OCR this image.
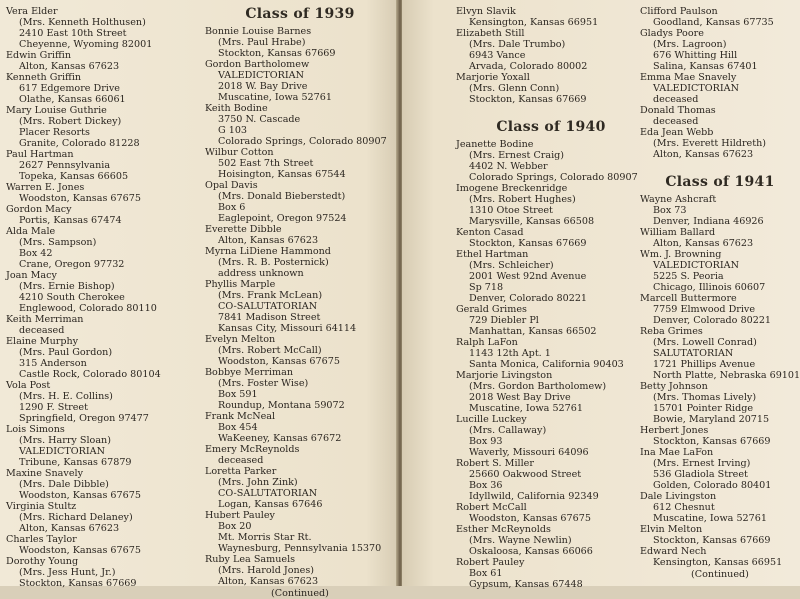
Vera Elder
(Mrs. Kenneth Holthusen)
2410 East 10th Street
Cheyenne, Wyoming 82001
Edwin Griffin
Alton, Kansas 67623
Kenneth Griffin
617 Edgemore Drive
Olathe, Kansas 66061
Mary Louise Guthrie
(Mrs. Robert Dickey)
Placer Resorts
Granite, Colorado 81228
Paul Hartman
2627 Pennsylvania
Topeka, Kansas 66605
Warren E. Jones
Woodston, Kansas 67675
Gordon Macy
Portis, Kansas 67474
Alda Male
(Mrs. Sampson)
Box 42
Crane, Oregon 97732
Joan Macy
(Mrs. Ernie Bishop)
4210 South Cherokee
Englewood, Colorado 80110
Keith Merriman
deceased
Elaine Murphy
(Mrs. Paul Gordon)
315 Anderson
Castle Rock, Colorado 80104
Vola Post
(Mrs. H. E. Collins)
1290 F. Street
Springfield, Oregon 97477
Lois Simons
(Mrs. Harry Sloan)
VALEDICTORIAN
Tribune, Kansas 67879
Maxine Snavely
(Mrs. Dale Dibble)
Woodston, Kansas 67675
Virginia Stultz
(Mrs. Richard Delaney)
Alton, Kansas 67623
Charles Taylor
Woodston, Kansas 67675
Dorothy Young
(Mrs. Jess Hunt, Jr.)
Stockton, Kansas 67669
Class of 1939
Bonnie Louise Barnes
(Mrs. Paul Hrabe)
Stockton, Kansas 67669
Gordon Bartholomew
VALEDICTORIAN
2018 W. Bay Drive
Muscatine, Iowa 52761
Keith Bodine
3750 N. Cascade
G 103
Colorado Springs, Colorado 80907
Wilbur Cotton
502 East 7th Street
Hoisington, Kansas 67544
Opal Davis
(Mrs. Donald Bieberstedt)
Box 6
Eaglepoint, Oregon 97524
Everette Dibble
Alton, Kansas 67623
Myrna LiDiene Hammond
(Mrs. R. B. Posternick)
address unknown
Phyllis Marple
(Mrs. Frank McLean)
CO-SALUTATORIAN
7841 Madison Street
Kansas City, Missouri 64114
Evelyn Melton
(Mrs. Robert McCall)
Woodston, Kansas 67675
Bobbye Merriman
(Mrs. Foster Wise)
Box 591
Roundup, Montana 59072
Frank McNeal
Box 454
WaKeeney, Kansas 67672
Emery McReynolds
deceased
Loretta Parker
(Mrs. John Zink)
CO-SALUTATORIAN
Logan, Kansas 67646
Hubert Pauley
Box 20
Mt. Morris Star Rt.
Waynesburg, Pennsylvania 15370
Ruby Lea Samuels
(Mrs. Harold Jones)
Alton, Kansas 67623
(Continued)
Elvyn Slavik
Kensington, Kansas 66951
Elizabeth Still
(Mrs. Dale Trumbo)
6943 Vance
Arvada, Colorado 80002
Marjorie Yoxall
(Mrs. Glenn Conn)
Stockton, Kansas 67669
Class of 1940
Jeanette Bodine
(Mrs. Ernest Craig)
4402 N. Webber
Colorado Springs, Colorado 80907
Imogene Breckenridge
(Mrs. Robert Hughes)
1310 Otoe Street
Marysville, Kansas 66508
Kenton Casad
Stockton, Kansas 67669
Ethel Hartman
(Mrs. Schleicher)
2001 West 92nd Avenue
Sp 718
Denver, Colorado 80221
Gerald Grimes
729 Diebler Pl
Manhattan, Kansas 66502
Ralph LaFon
1143 12th Apt. 1
Santa Monica, California 90403
Marjorie Livingston
(Mrs. Gordon Bartholomew)
2018 West Bay Drive
Muscatine, Iowa 52761
Lucille Luckey
(Mrs. Callaway)
Box 93
Waverly, Missouri 64096
Robert S. Miller
25660 Oakwood Street
Box 36
Idyllwild, California 92349
Robert McCall
Woodston, Kansas 67675
Esther McReynolds
(Mrs. Wayne Newlin)
Oskaloosa, Kansas 66066
Robert Pauley
Box 61
Gypsum, Kansas 67448
Clifford Paulson
Goodland, Kansas 67735
Gladys Poore
(Mrs. Lagroon)
676 Whitting Hill
Salina, Kansas 67401
Emma Mae Snavely
VALEDICTORIAN
deceased
Donald Thomas
deceased
Eda Jean Webb
(Mrs. Everett Hildreth)
Alton, Kansas 67623
Class of 1941
Wayne Ashcraft
Box 73
Denver, Indiana 46926
William Ballard
Alton, Kansas 67623
Wm. J. Browning
VALEDICTORIAN
5225 S. Peoria
Chicago, Illinois 60607
Marcell Buttermore
7759 Elmwood Drive
Denver, Colorado 80221
Reba Grimes
(Mrs. Lowell Conrad)
SALUTATORIAN
1721 Phillips Avenue
North Platte, Nebraska 69101
Betty Johnson
(Mrs. Thomas Lively)
15701 Pointer Ridge
Bowie, Maryland 20715
Herbert Jones
Stockton, Kansas 67669
Ina Mae LaFon
(Mrs. Ernest Irving)
536 Gladiola Street
Golden, Colorado 80401
Dale Livingston
612 Chesnut
Muscatine, Iowa 52761
Elvin Melton
Stockton, Kansas 67669
Edward Nech
Kensington, Kansas 66951
(Continued)
